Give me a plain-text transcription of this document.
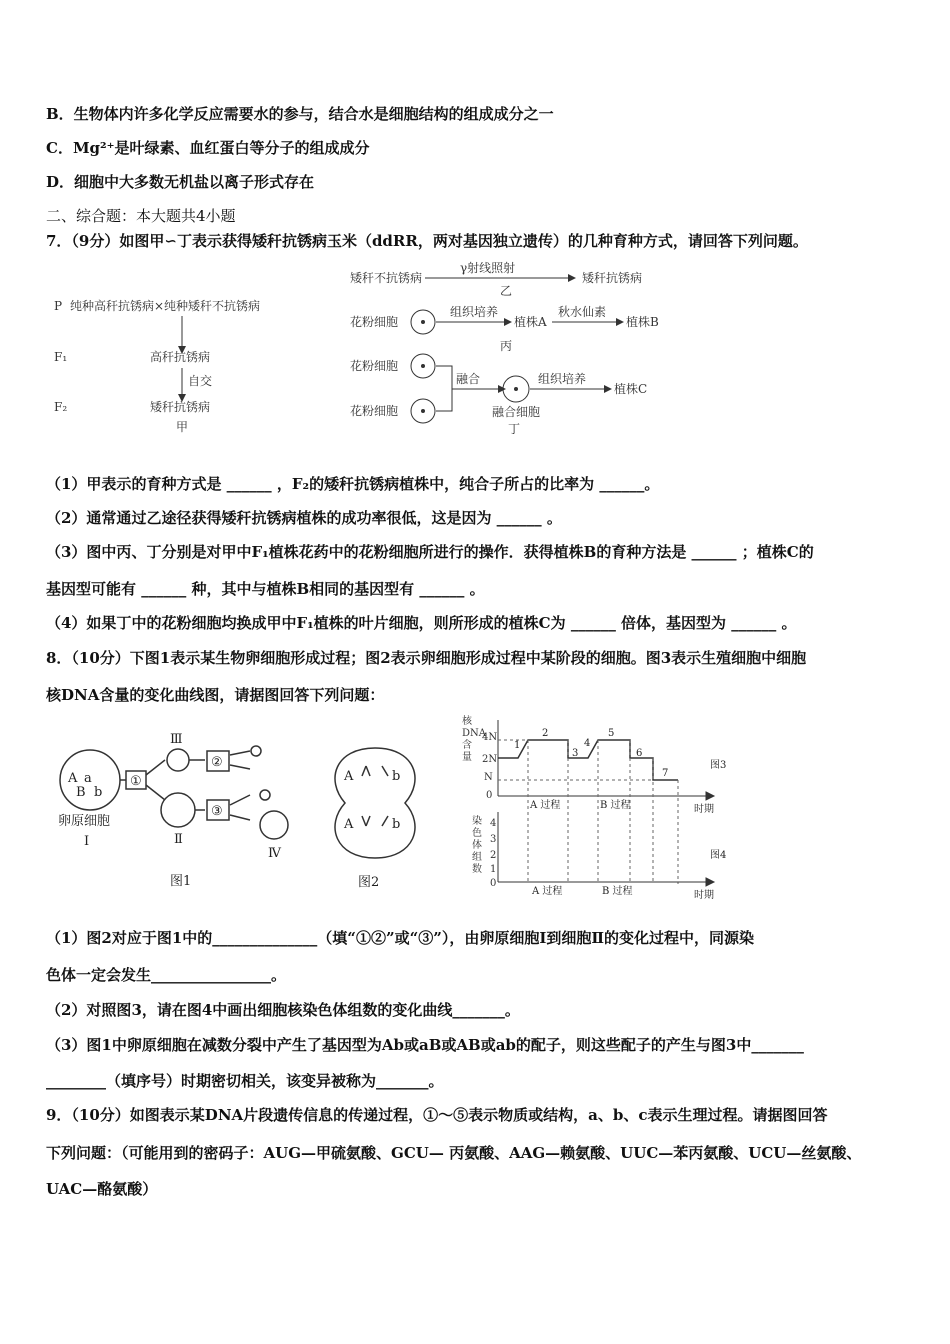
B．生物体内许多化学反应需要水的参与，结合水是细胞结构的组成成分之一
C．Mg²⁺是叶绿素、血红蛋白等分子的组成成分
D．细胞中大多数无机盐以离子形式存在
二、综合题：本大题共4小题
7．（9分）如图甲∽丁表示获得矮秆抗锈病玉米（ddRR，两对基因独立遗传）的几种育种方式，请回答下列问题。
P 纯种高秆抗锈病×纯种矮秆不抗锈病
F₁	高秆抗锈病
自交
F₂	矮秆抗锈病
甲
矮秆不抗锈病
γ射线照射
矮秆抗锈病
乙
花粉细胞
组织培养
植株A
秋水仙素
植株B
丙
花粉细胞
花粉细胞
融合	组织培养
植株C
融合细胞
丁
（1）甲表示的育种方式是 ______ ，F₂的矮秆抗锈病植株中，纯合子所占的比率为 ______。
（2）通常通过乙途径获得矮秆抗锈病植株的成功率很低，这是因为 ______ 。
（3）图中丙、丁分别是对甲中F₁植株花药中的花粉细胞所进行的操作．获得植株B的育种方法是 ______ ；植株C的
基因型可能有 ______ 种，其中与植株B相同的基因型有 ______ 。
（4）如果丁中的花粉细胞均换成甲中F₁植株的叶片细胞，则所形成的植株C为 ______ 倍体，基因型为 ______ 。
8．（10分）下图1表示某生物卵细胞形成过程；图2表示卵细胞形成过程中某阶段的细胞。图3表示生殖细胞中细胞
核DNA含量的变化曲线图，请据图回答下列问题：
A a
B b
①
②
③
Ⅲ
Ⅱ
Ⅳ
卵原细胞
Ⅰ
图1
A	b
A	b
图2
核
DNA
含
量
4N
2N
N
0
1
2
3
4
5
6
7
A 过程	B 过程	时期
图3
染
色
体
组
数
4
3
2
1
0
A 过程	B 过程	时期
图4
（1）图2对应于图1中的______________（填“①②”或“③”），由卵原细胞Ⅰ到细胞Ⅱ的变化过程中，同源染
色体一定会发生________________。
（2）对照图3，请在图4中画出细胞核染色体组数的变化曲线_______。
（3）图1中卵原细胞在减数分裂中产生了基因型为Ab或aB或AB或ab的配子，则这些配子的产生与图3中_______
________（填序号）时期密切相关，该变异被称为_______。
9．（10分）如图表示某DNA片段遗传信息的传递过程，①～⑤表示物质或结构，a、b、c表示生理过程。请据图回答
下列问题：（可能用到的密码子：AUG—甲硫氨酸、GCU— 丙氨酸、AAG—赖氨酸、UUC—苯丙氨酸、UCU—丝氨酸、
UAC—酪氨酸）
